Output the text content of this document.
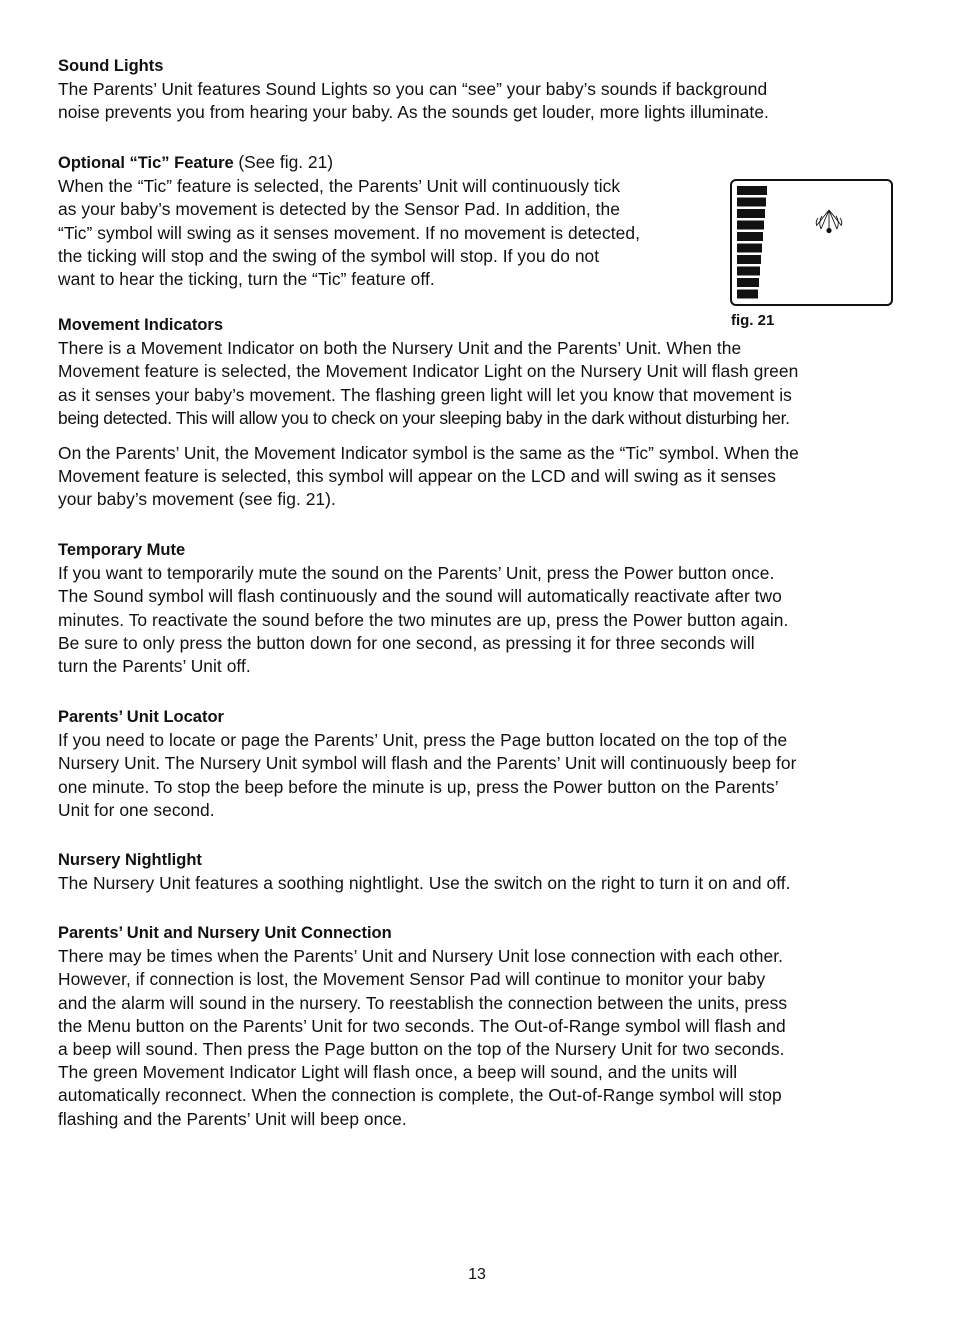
Sound Lights

The Parents’ Unit features Sound Lights so you can “see” your baby’s sounds if background
noise prevents you from hearing your baby. As the sounds get louder, more lights illuminate.

Optional “Tic” Feature (See fig. 21)

When the “Tic” feature is selected, the Parents’ Unit will continuously tick
as your baby’s movement is detected by the Sensor Pad. In addition, the
“Tic” symbol will swing as it senses movement. If no movement is detected,
the ticking will stop and the swing of the symbol will stop. If you do not
want to hear the ticking, turn the “Tic” feature off.

fig. 21

Movement Indicators

There is a Movement Indicator on both the Nursery Unit and the Parents’ Unit. When the
Movement feature is selected, the Movement Indicator Light on the Nursery Unit will flash green
as it senses your baby’s movement. The flashing green light will let you know that movement is
being detected. This will allow you to check on your sleeping baby in the dark without disturbing her.

On the Parents’ Unit, the Movement Indicator symbol is the same as the “Tic” symbol. When the
Movement feature is selected, this symbol will appear on the LCD and will swing as it senses
your baby’s movement (see fig. 21).

Temporary Mute

If you want to temporarily mute the sound on the Parents’ Unit, press the Power button once.
The Sound symbol will flash continuously and the sound will automatically reactivate after two
minutes. To reactivate the sound before the two minutes are up, press the Power button again.
Be sure to only press the button down for one second, as pressing it for three seconds will
turn the Parents’ Unit off.

Parents’ Unit Locator

If you need to locate or page the Parents’ Unit, press the Page button located on the top of the
Nursery Unit. The Nursery Unit symbol will flash and the Parents’ Unit will continuously beep for
one minute. To stop the beep before the minute is up, press the Power button on the Parents’
Unit for one second.

Nursery Nightlight

The Nursery Unit features a soothing nightlight. Use the switch on the right to turn it on and off.

Parents’ Unit and Nursery Unit Connection

There may be times when the Parents’ Unit and Nursery Unit lose connection with each other.
However, if connection is lost, the Movement Sensor Pad will continue to monitor your baby
and the alarm will sound in the nursery. To reestablish the connection between the units, press
the Menu button on the Parents’ Unit for two seconds. The Out-of-Range symbol will flash and
a beep will sound. Then press the Page button on the top of the Nursery Unit for two seconds.
The green Movement Indicator Light will flash once, a beep will sound, and the units will
automatically reconnect. When the connection is complete, the Out-of-Range symbol will stop
flashing and the Parents’ Unit will beep once.

13
